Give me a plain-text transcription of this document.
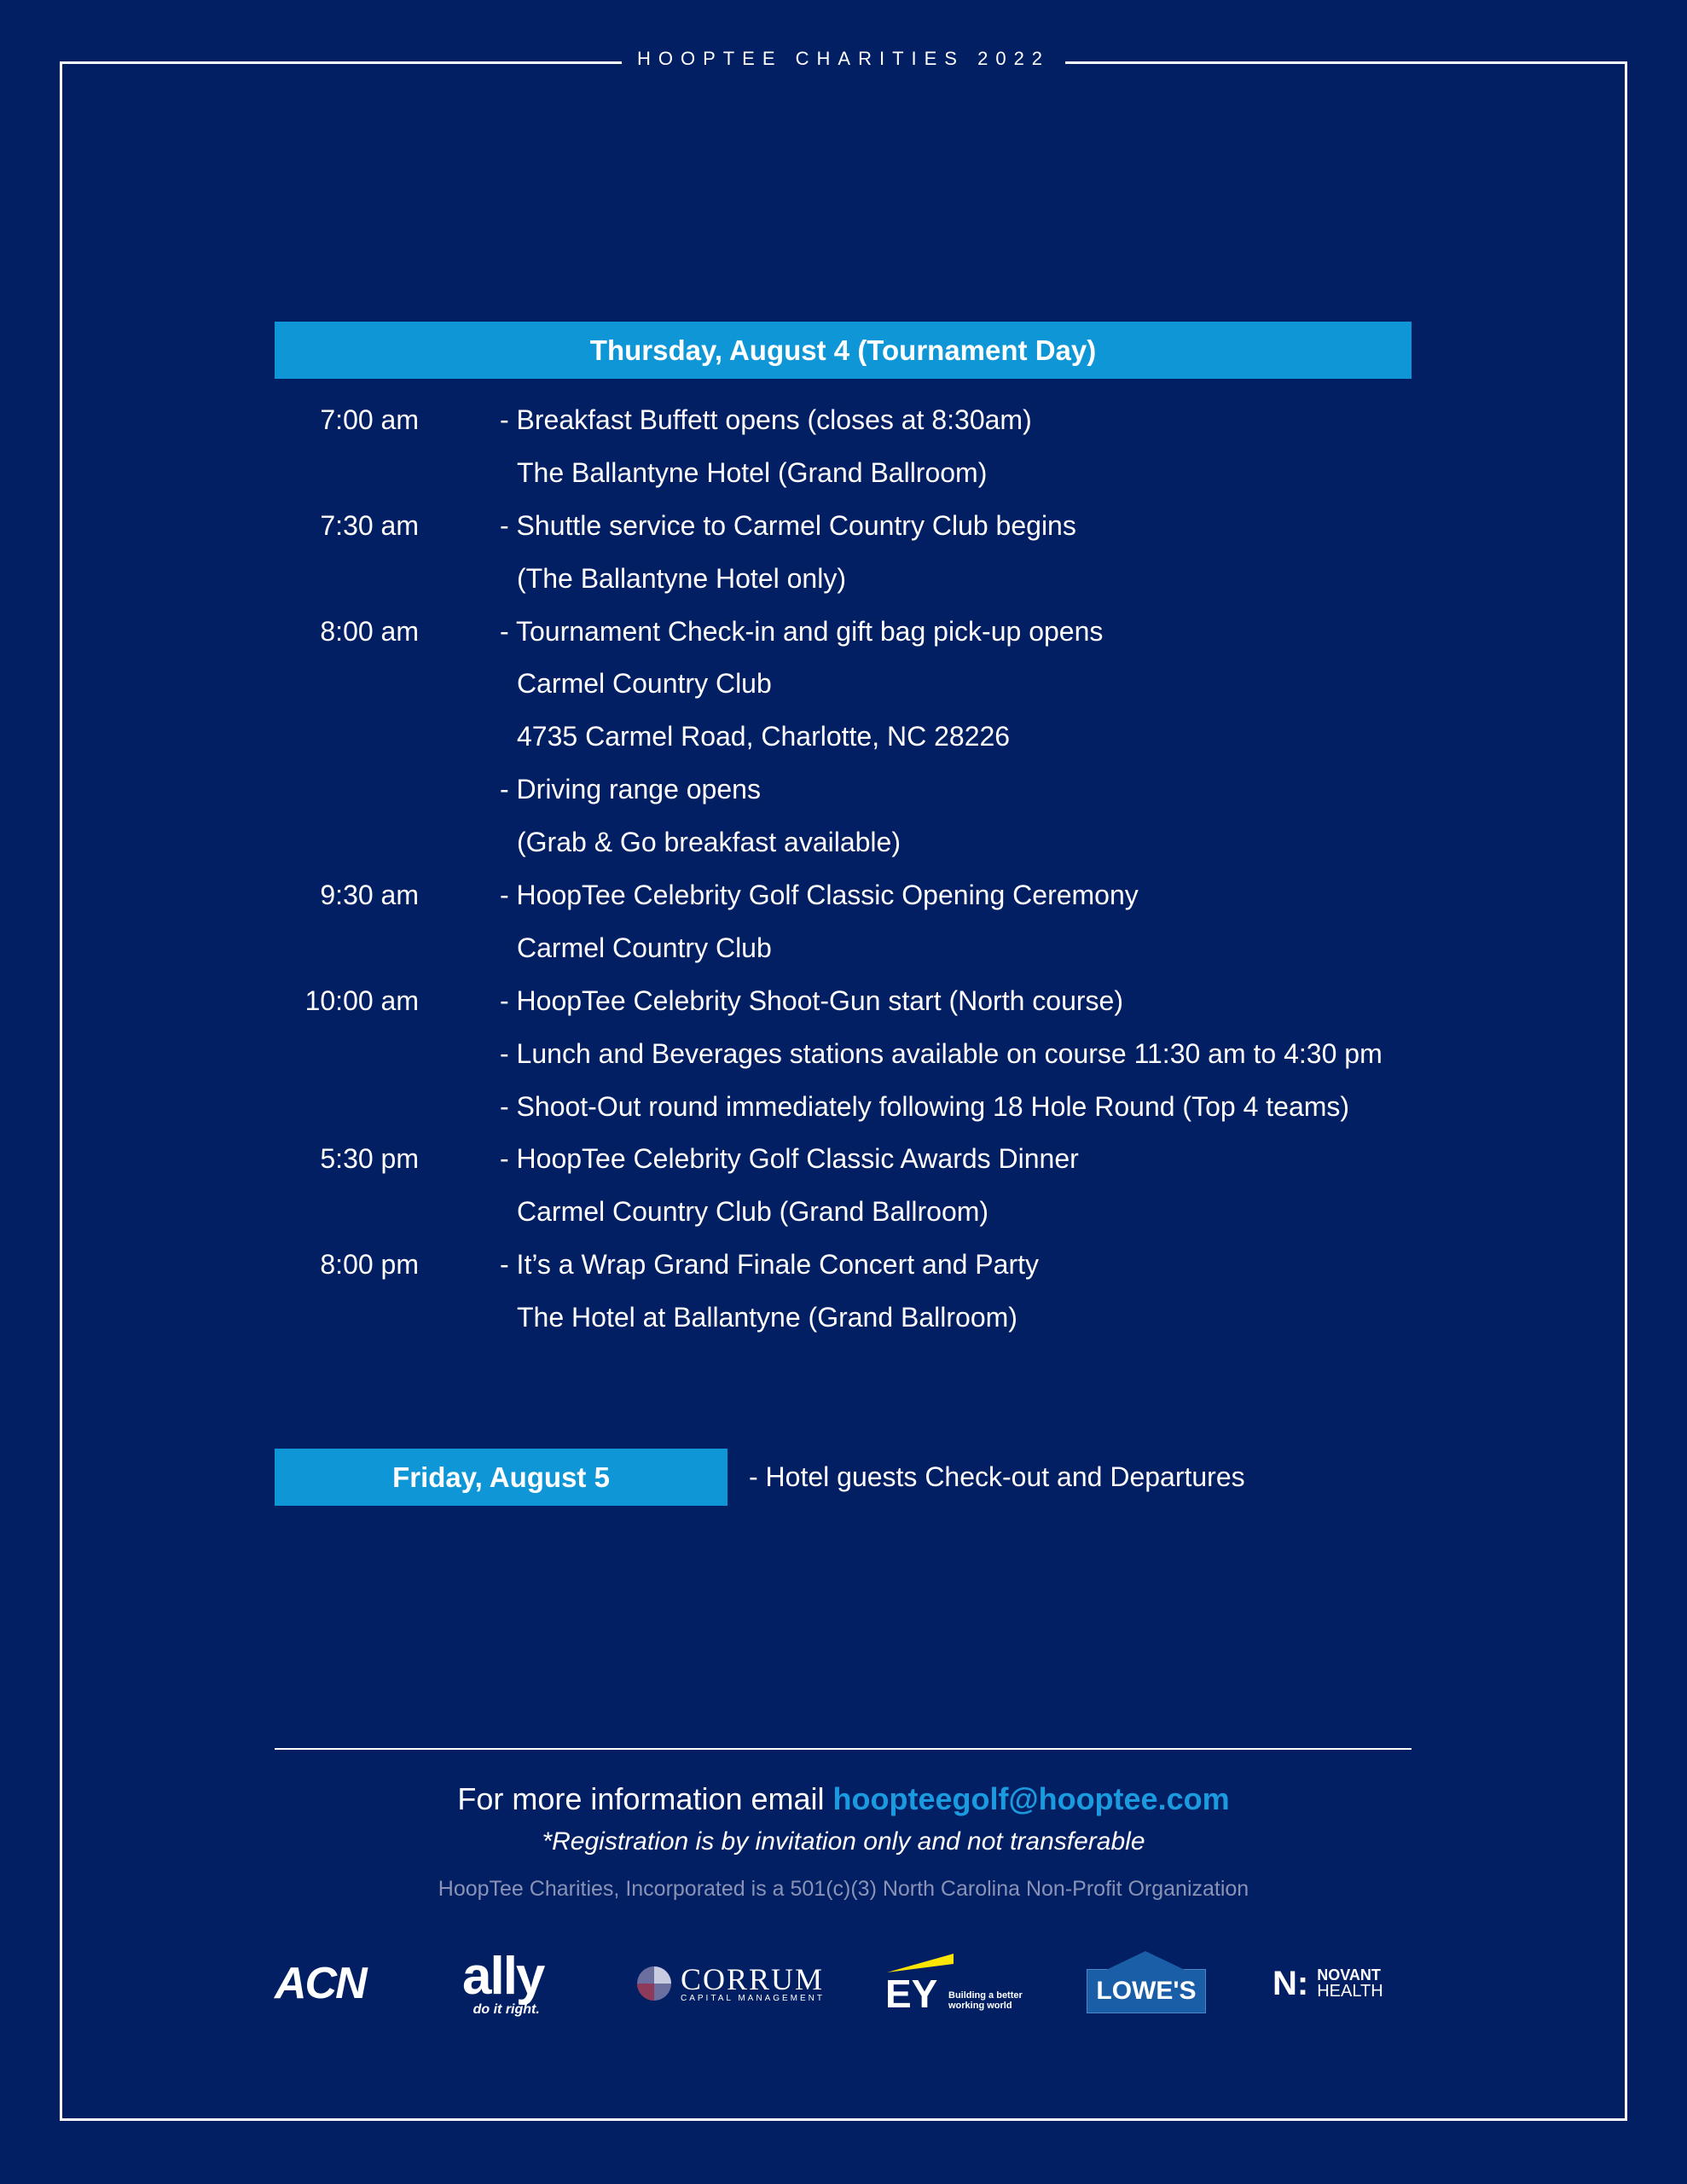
HOOPTEE CHARITIES 2022
Thursday, August 4 (Tournament Day)
7:00 am	- Breakfast Buffett opens (closes at 8:30am)
The Ballantyne Hotel (Grand Ballroom)
7:30 am	- Shuttle service to Carmel Country Club begins
(The Ballantyne Hotel only)
8:00 am	- Tournament Check-in and gift bag pick-up opens
Carmel Country Club
4735 Carmel Road, Charlotte, NC 28226
- Driving range opens
(Grab & Go breakfast available)
9:30 am	- HoopTee Celebrity Golf Classic Opening Ceremony
Carmel Country Club
10:00 am	- HoopTee Celebrity Shoot-Gun start (North course)
- Lunch and Beverages stations available on course 11:30 am to 4:30 pm
- Shoot-Out round immediately following 18 Hole Round (Top 4 teams)
5:30 pm	- HoopTee Celebrity Golf Classic Awards Dinner
Carmel Country Club (Grand Ballroom)
8:00 pm	- It’s a Wrap Grand Finale Concert and Party
The Hotel at Ballantyne (Grand Ballroom)
Friday, August 5	- Hotel guests Check-out and Departures
For more information email hoopteegolf@hooptee.com
*Registration is by invitation only and not transferable
HoopTee Charities, Incorporated is a 501(c)(3) North Carolina Non-Profit Organization
ACN ally
do it right.
CORRUM
CAPITAL MANAGEMENT EY Building a better
working world
LOWE'S N: NOVANT
HEALTH
